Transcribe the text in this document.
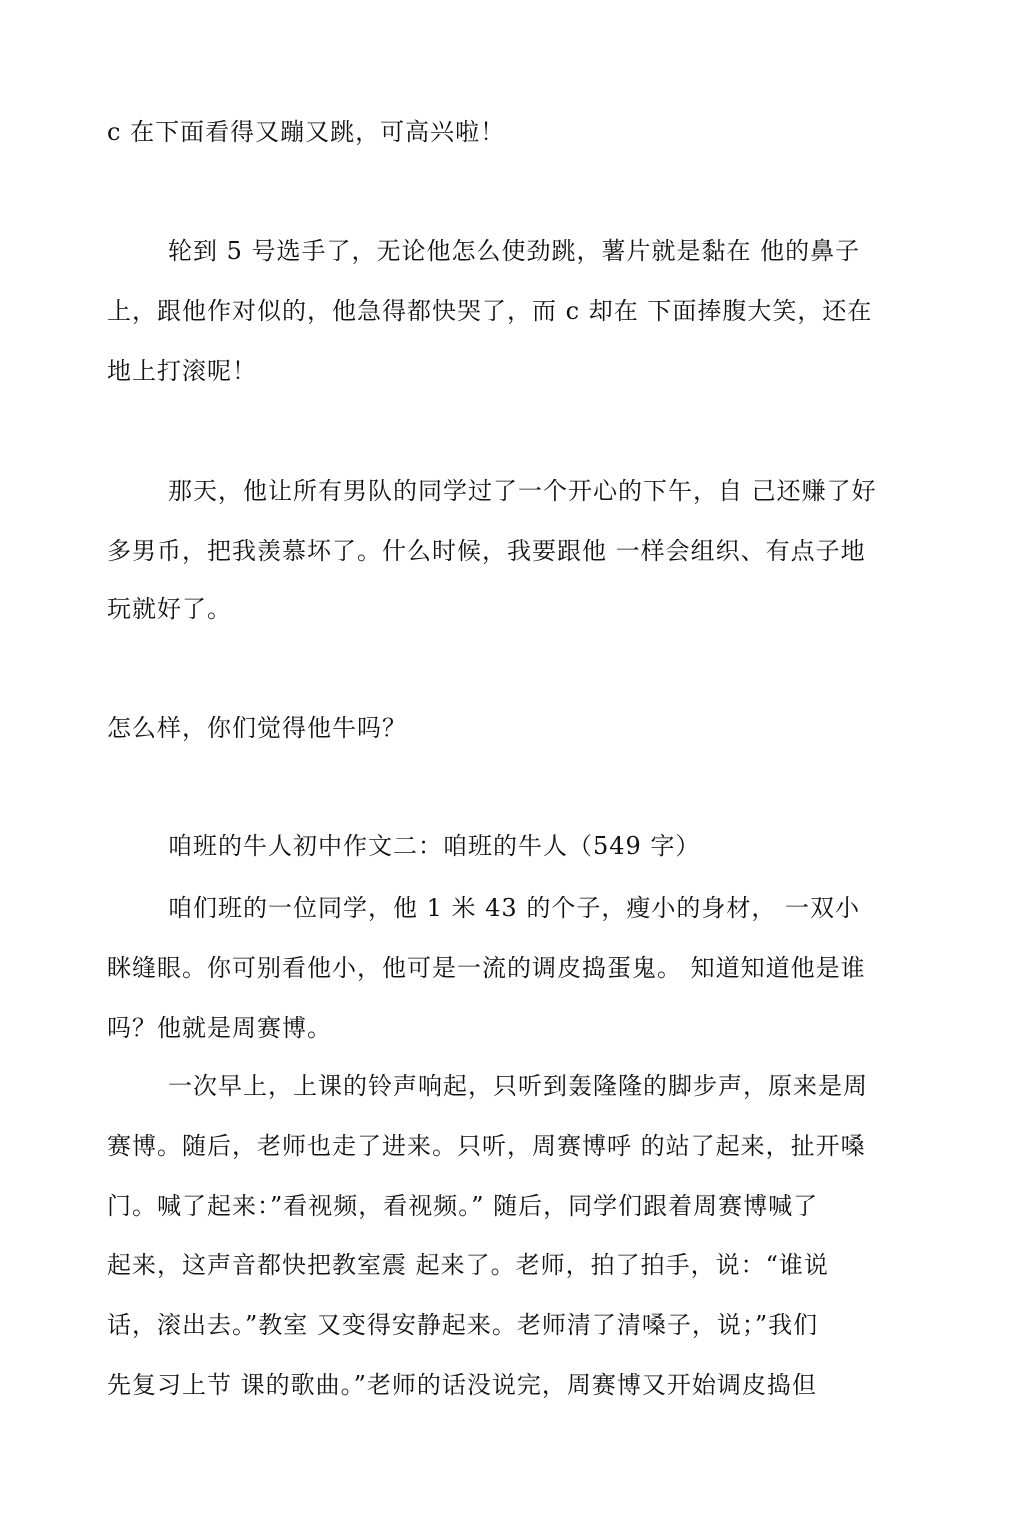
c 在下面看得又蹦又跳，可高兴啦！
轮到 5 号选手了，无论他怎么使劲跳，薯片就是黏在 他的鼻子
上，跟他作对似的，他急得都快哭了，而 c 却在 下面捧腹大笑，还在
地上打滚呢！
那天，他让所有男队的同学过了一个开心的下午，自 己还赚了好
多男币，把我羡慕坏了。什么时候，我要跟他 一样会组织、有点子地
玩就好了。
怎么样，你们觉得他牛吗？
咱班的牛人初中作文二：咱班的牛人（549 字）
咱们班的一位同学，他 1 米 43 的个子，瘦小的身材， 一双小
眯缝眼。你可别看他小，他可是一流的调皮捣蛋鬼。 知道知道他是谁
吗？他就是周赛博。
一次早上，上课的铃声响起，只听到轰隆隆的脚步声，原来是周
赛博。随后，老师也走了进来。只听，周赛博呼 的站了起来，扯开嗓
门。喊了起来：”看视频，看视频。” 随后，同学们跟着周赛博喊了
起来，这声音都快把教室震 起来了。老师，拍了拍手，说：“谁说
话，滚出去。”教室 又变得安静起来。老师清了清嗓子，说；”我们
先复习上节 课的歌曲。”老师的话没说完，周赛博又开始调皮捣但
